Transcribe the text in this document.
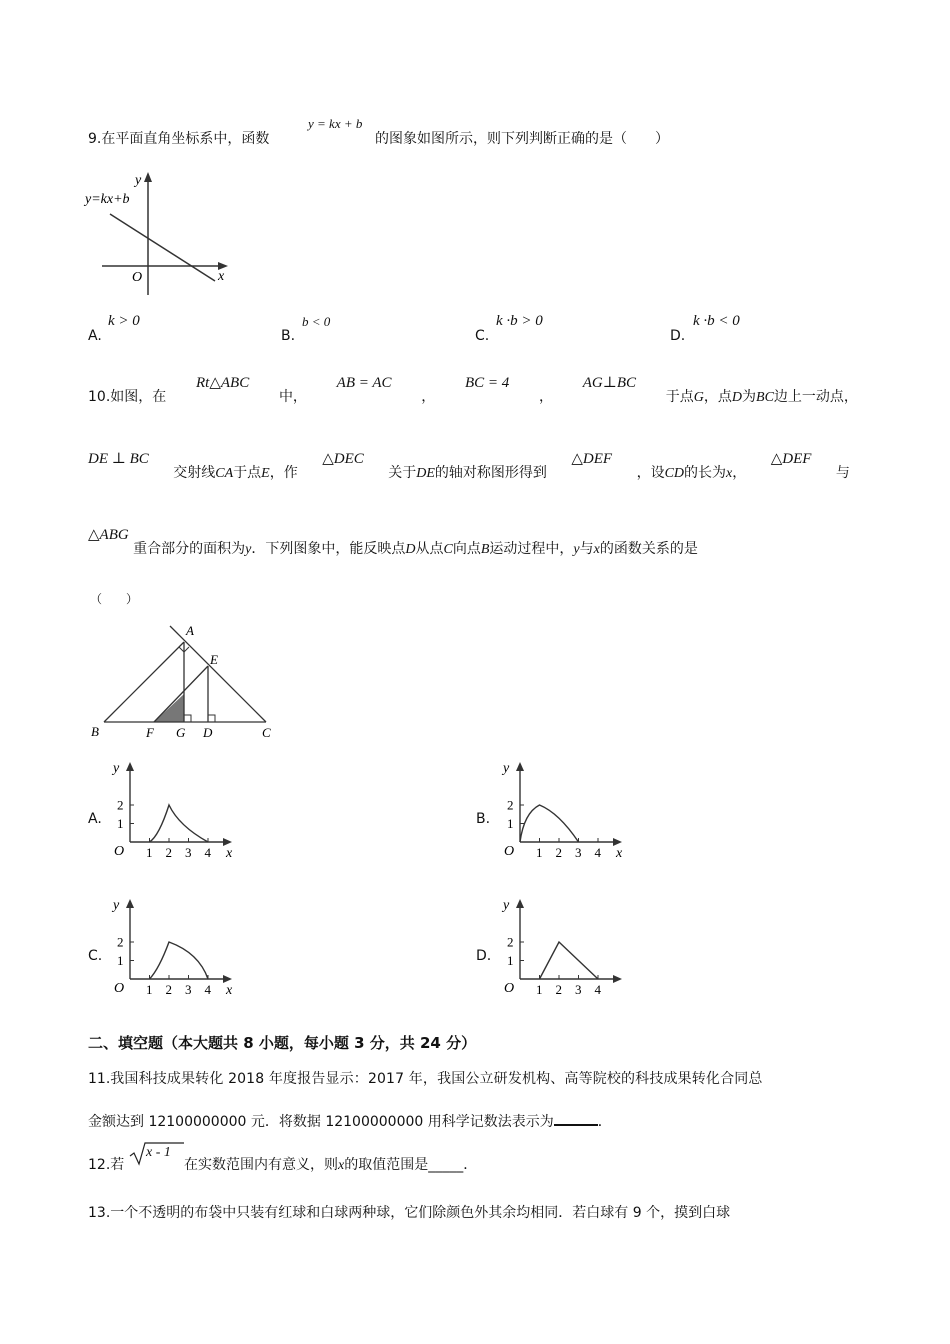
9.在平面直角坐标系中，函数
y = kx + b
的图象如图所示，则下列判断正确的是（　　）
y
x
O
y=kx+b
A.
k > 0
B.
b < 0
C.
k ·b > 0
D.
k ·b < 0
10.如图，在
Rt△ABC
中，
AB = AC
，
BC = 4
，
AG⊥BC
于点G，点D为BC边上一动点，
DE ⊥ BC
交射线CA于点E，作
△DEC
关于DE的轴对称图形得到
△DEF
，设CD的长为x，
△DEF
与
△ABG 重合部分的面积为y．下列图象中，能反映点D从点C向点B运动过程中，y与x的函数关系的是
（　　）
A
E
B	F G D	C
A.
1 2 3 4
2
1
y
O	x
B.
1 2 3 4
2
1
y
O	x
C.
1 2 3 4
2
1
y
O	x
D.
1 2 3 4
2
1
y
O
二、填空题（本大题共 8 小题，每小题 3 分，共 24 分）
11.我国科技成果转化 2018 年度报告显示：2017 年，我国公立研发机构、高等院校的科技成果转化合同总
金额达到 12100000000 元．将数据 12100000000 用科学记数法表示为	．
12.若
x - 1
在实数范围内有意义，则x的取值范围是_____．
13.一个不透明的布袋中只装有红球和白球两种球，它们除颜色外其余均相同．若白球有 9 个，摸到白球
